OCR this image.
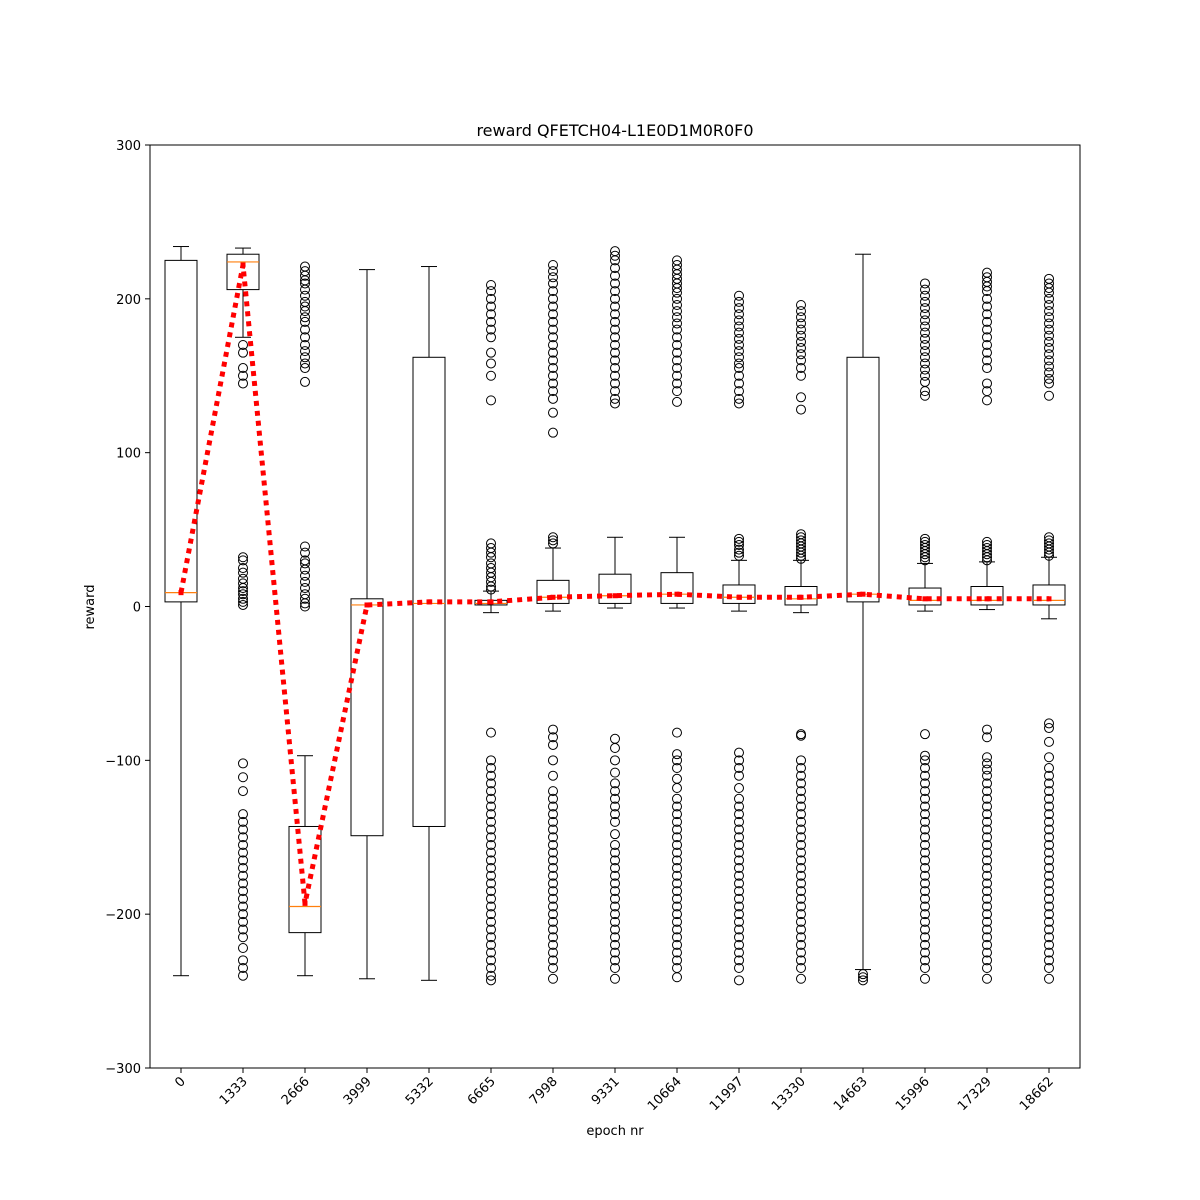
reward QFETCH04-L1E0D1M0R0F0
−300
−200
−100
0
100
200
300
0 1333 2666 3999 5332 6665 7998 9331 10664 11997 13330 14663 15996 17329 18662
epoch nr
reward
